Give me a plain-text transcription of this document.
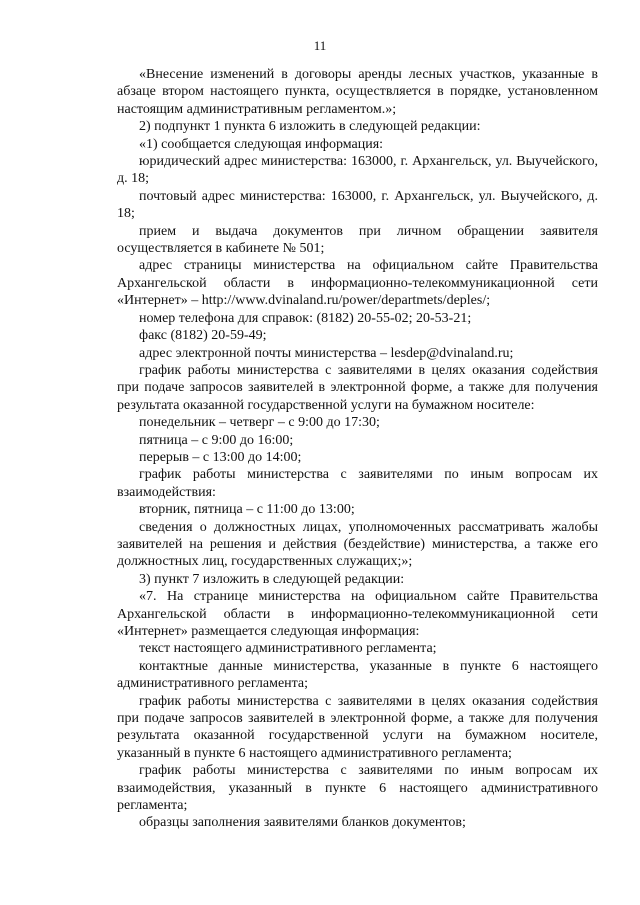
11

«Внесение изменений в договоры аренды лесных участков, указанные в абзаце втором настоящего пункта, осуществляется в порядке, установленном настоящим административным регламентом.»;

2) подпункт 1 пункта 6 изложить в следующей редакции:

«1) сообщается следующая информация:

юридический адрес министерства: 163000, г. Архангельск, ул. Выучейского, д. 18;

почтовый адрес министерства: 163000, г. Архангельск, ул. Выучейского, д. 18;

прием и выдача документов при личном обращении заявителя осуществляется в кабинете № 501;

адрес страницы министерства на официальном сайте Правительства Архангельской области в информационно-телекоммуникационной сети «Интернет» – http://www.dvinaland.ru/power/departmets/deples/;

номер телефона для справок: (8182) 20-55-02; 20-53-21;

факс (8182) 20-59-49;

адрес электронной почты министерства – lesdep@dvinaland.ru;

график работы министерства с заявителями в целях оказания содействия при подаче запросов заявителей в электронной форме, а также для получения результата оказанной государственной услуги на бумажном носителе:

понедельник – четверг – с 9:00 до 17:30;

пятница – с 9:00 до 16:00;

перерыв – с 13:00 до 14:00;

график работы министерства с заявителями по иным вопросам их взаимодействия:

вторник, пятница – с 11:00 до 13:00;

сведения о должностных лицах, уполномоченных рассматривать жалобы заявителей на решения и действия (бездействие) министерства, а также его должностных лиц, государственных служащих;»;

3) пункт 7 изложить в следующей редакции:

«7. На странице министерства на официальном сайте Правительства Архангельской области в информационно-телекоммуникационной сети «Интернет» размещается следующая информация:

текст настоящего административного регламента;

контактные данные министерства, указанные в пункте 6 настоящего административного регламента;

график работы министерства с заявителями в целях оказания содействия при подаче запросов заявителей в электронной форме, а также для получения результата оказанной государственной услуги на бумажном носителе, указанный в пункте 6 настоящего административного регламента;

график работы министерства с заявителями по иным вопросам их взаимодействия, указанный в пункте 6 настоящего административного регламента;

образцы заполнения заявителями бланков документов;
